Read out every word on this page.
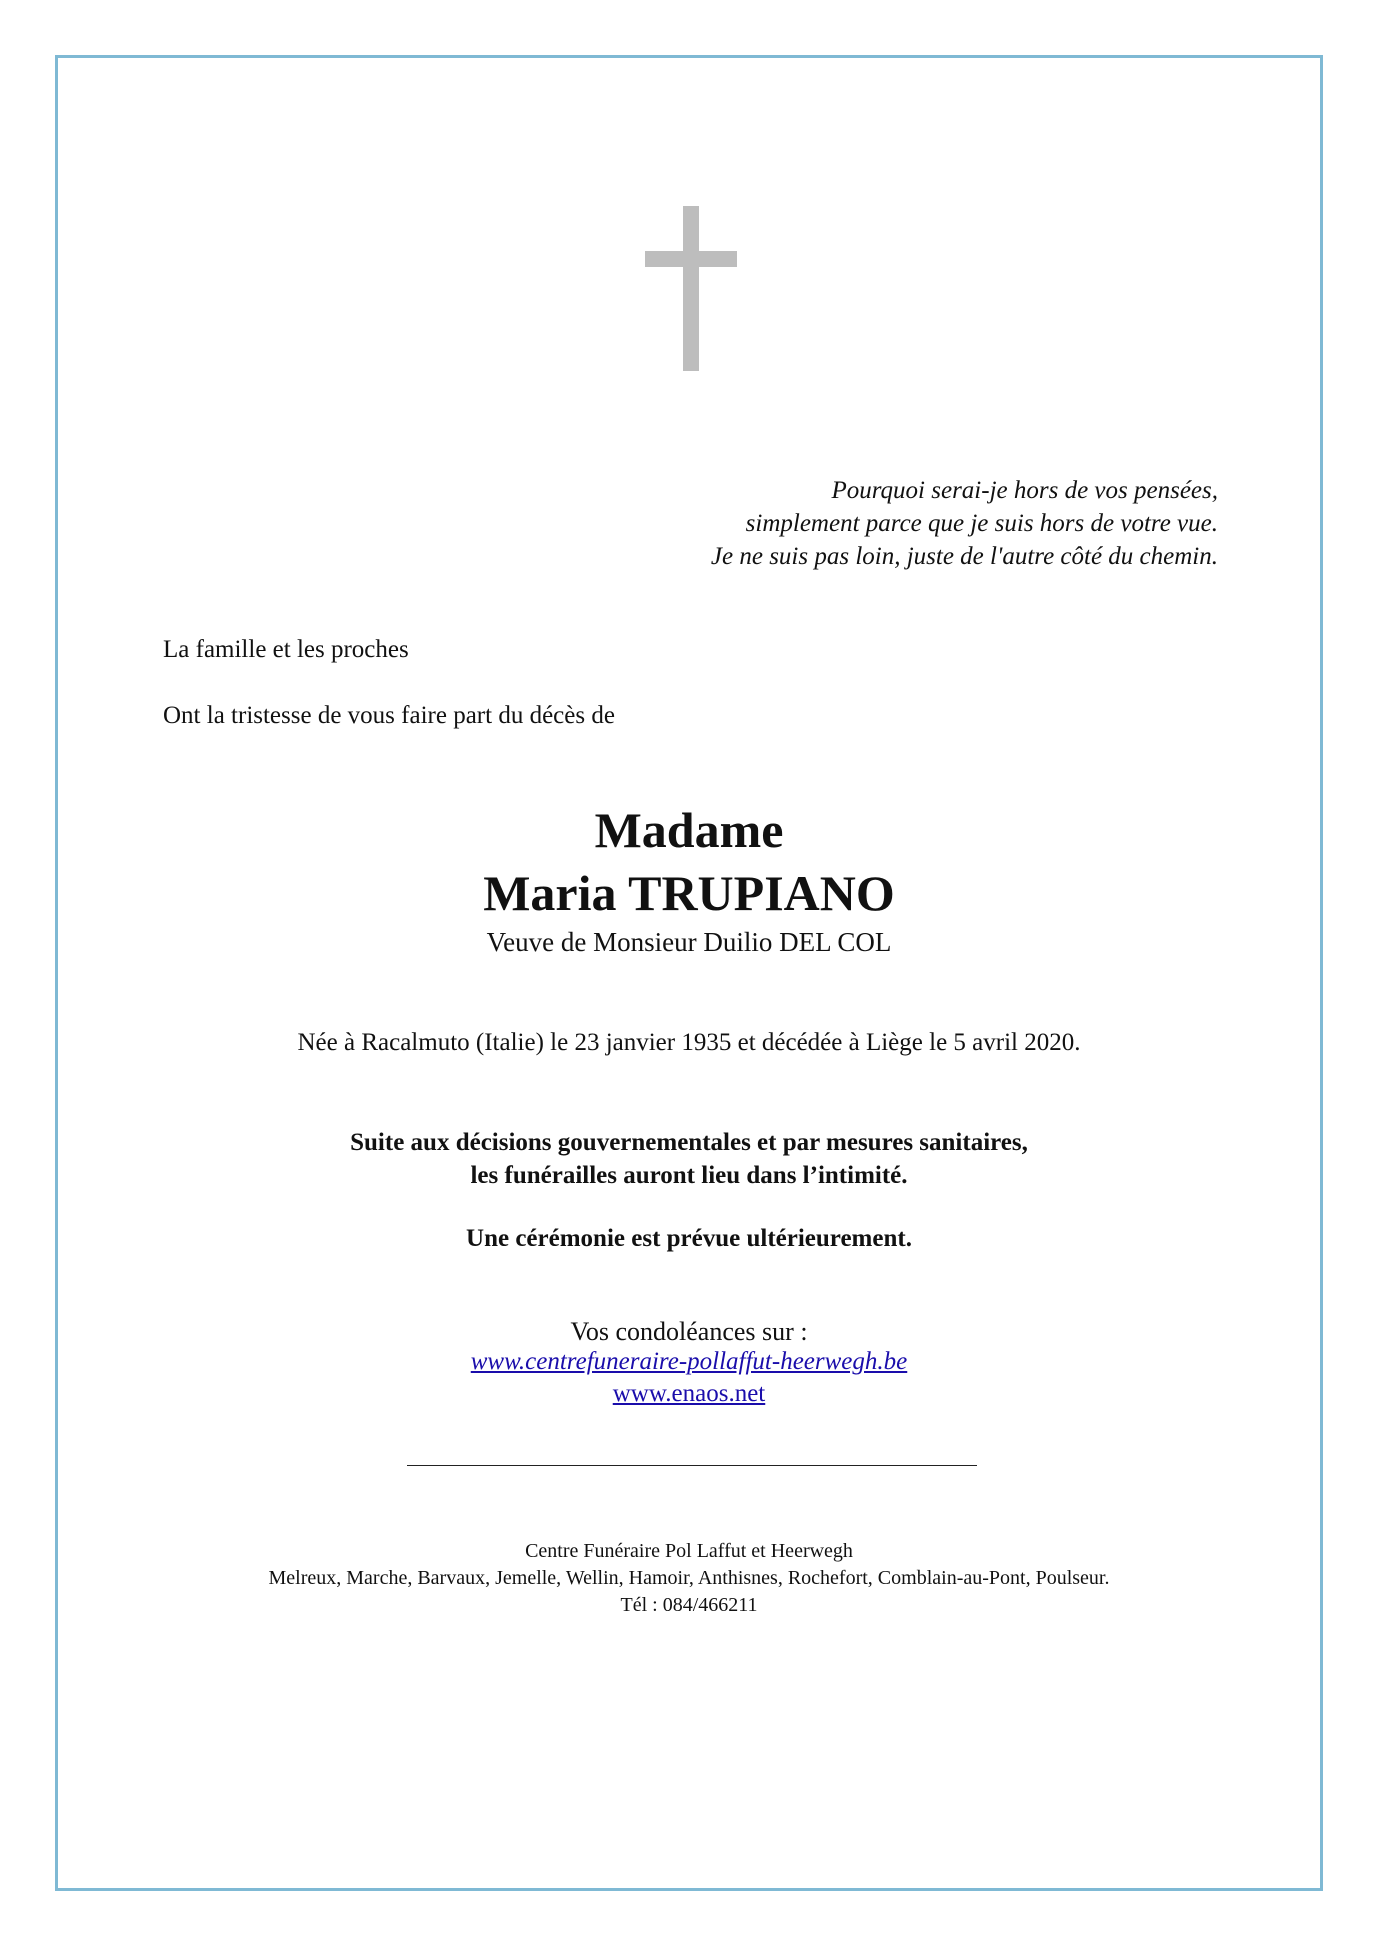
Pourquoi serai-je hors de vos pensées,
simplement parce que je suis hors de votre vue.
Je ne suis pas loin, juste de l'autre côté du chemin.
La famille et les proches
Ont la tristesse de vous faire part du décès de
Madame
Maria TRUPIANO
Veuve de Monsieur Duilio DEL COL
Née à Racalmuto (Italie) le 23 janvier 1935 et décédée à Liège le 5 avril 2020.
Suite aux décisions gouvernementales et par mesures sanitaires,
les funérailles auront lieu dans l’intimité.
Une cérémonie est prévue ultérieurement.
Vos condoléances sur :
www.centrefuneraire-pollaffut-heerwegh.be
www.enaos.net
Centre Funéraire Pol Laffut et Heerwegh
Melreux, Marche, Barvaux, Jemelle, Wellin, Hamoir, Anthisnes, Rochefort, Comblain-au-Pont, Poulseur.
Tél : 084/466211
